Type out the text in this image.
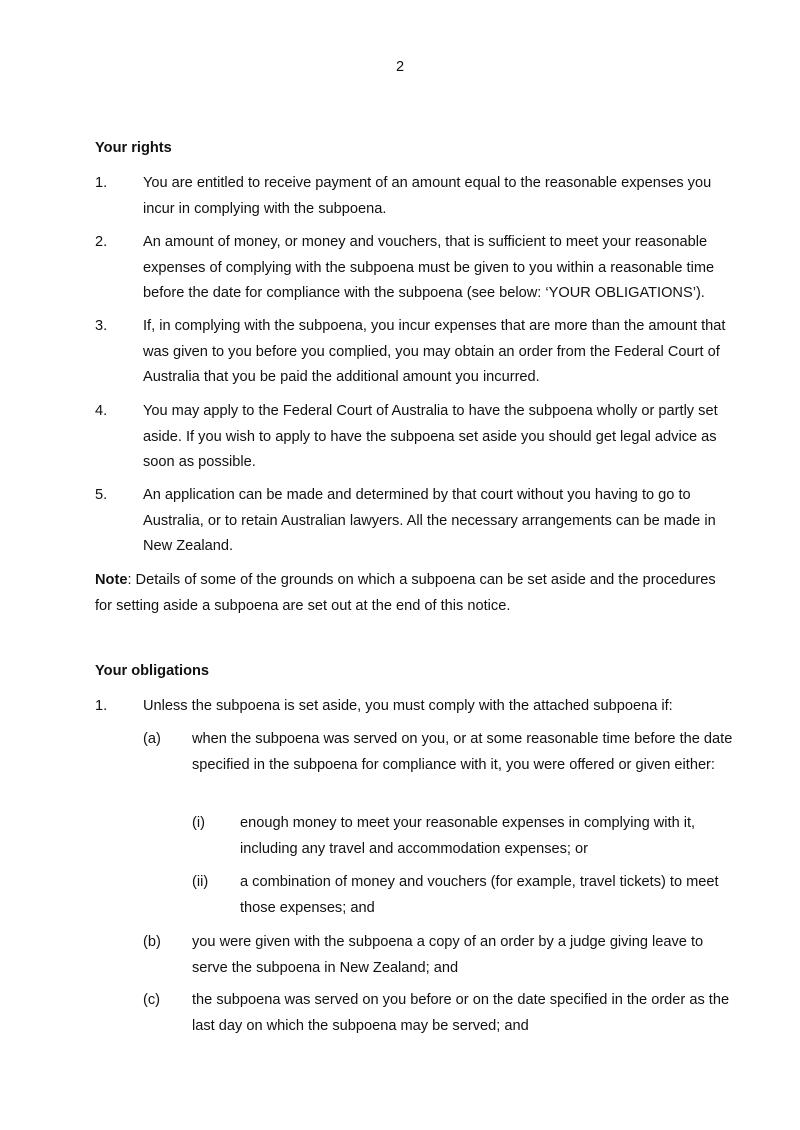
2
Your rights
1. You are entitled to receive payment of an amount equal to the reasonable expenses you incur in complying with the subpoena.
2. An amount of money, or money and vouchers, that is sufficient to meet your reasonable expenses of complying with the subpoena must be given to you within a reasonable time before the date for compliance with the subpoena (see below: ‘YOUR OBLIGATIONS’).
3. If, in complying with the subpoena, you incur expenses that are more than the amount that was given to you before you complied, you may obtain an order from the Federal Court of Australia that you be paid the additional amount you incurred.
4. You may apply to the Federal Court of Australia to have the subpoena wholly or partly set aside. If you wish to apply to have the subpoena set aside you should get legal advice as soon as possible.
5. An application can be made and determined by that court without you having to go to Australia, or to retain Australian lawyers. All the necessary arrangements can be made in New Zealand.
Note: Details of some of the grounds on which a subpoena can be set aside and the procedures for setting aside a subpoena are set out at the end of this notice.
Your obligations
1. Unless the subpoena is set aside, you must comply with the attached subpoena if:
(a) when the subpoena was served on you, or at some reasonable time before the date specified in the subpoena for compliance with it, you were offered or given either:
(i) enough money to meet your reasonable expenses in complying with it, including any travel and accommodation expenses; or
(ii) a combination of money and vouchers (for example, travel tickets) to meet those expenses; and
(b) you were given with the subpoena a copy of an order by a judge giving leave to serve the subpoena in New Zealand; and
(c) the subpoena was served on you before or on the date specified in the order as the last day on which the subpoena may be served; and
